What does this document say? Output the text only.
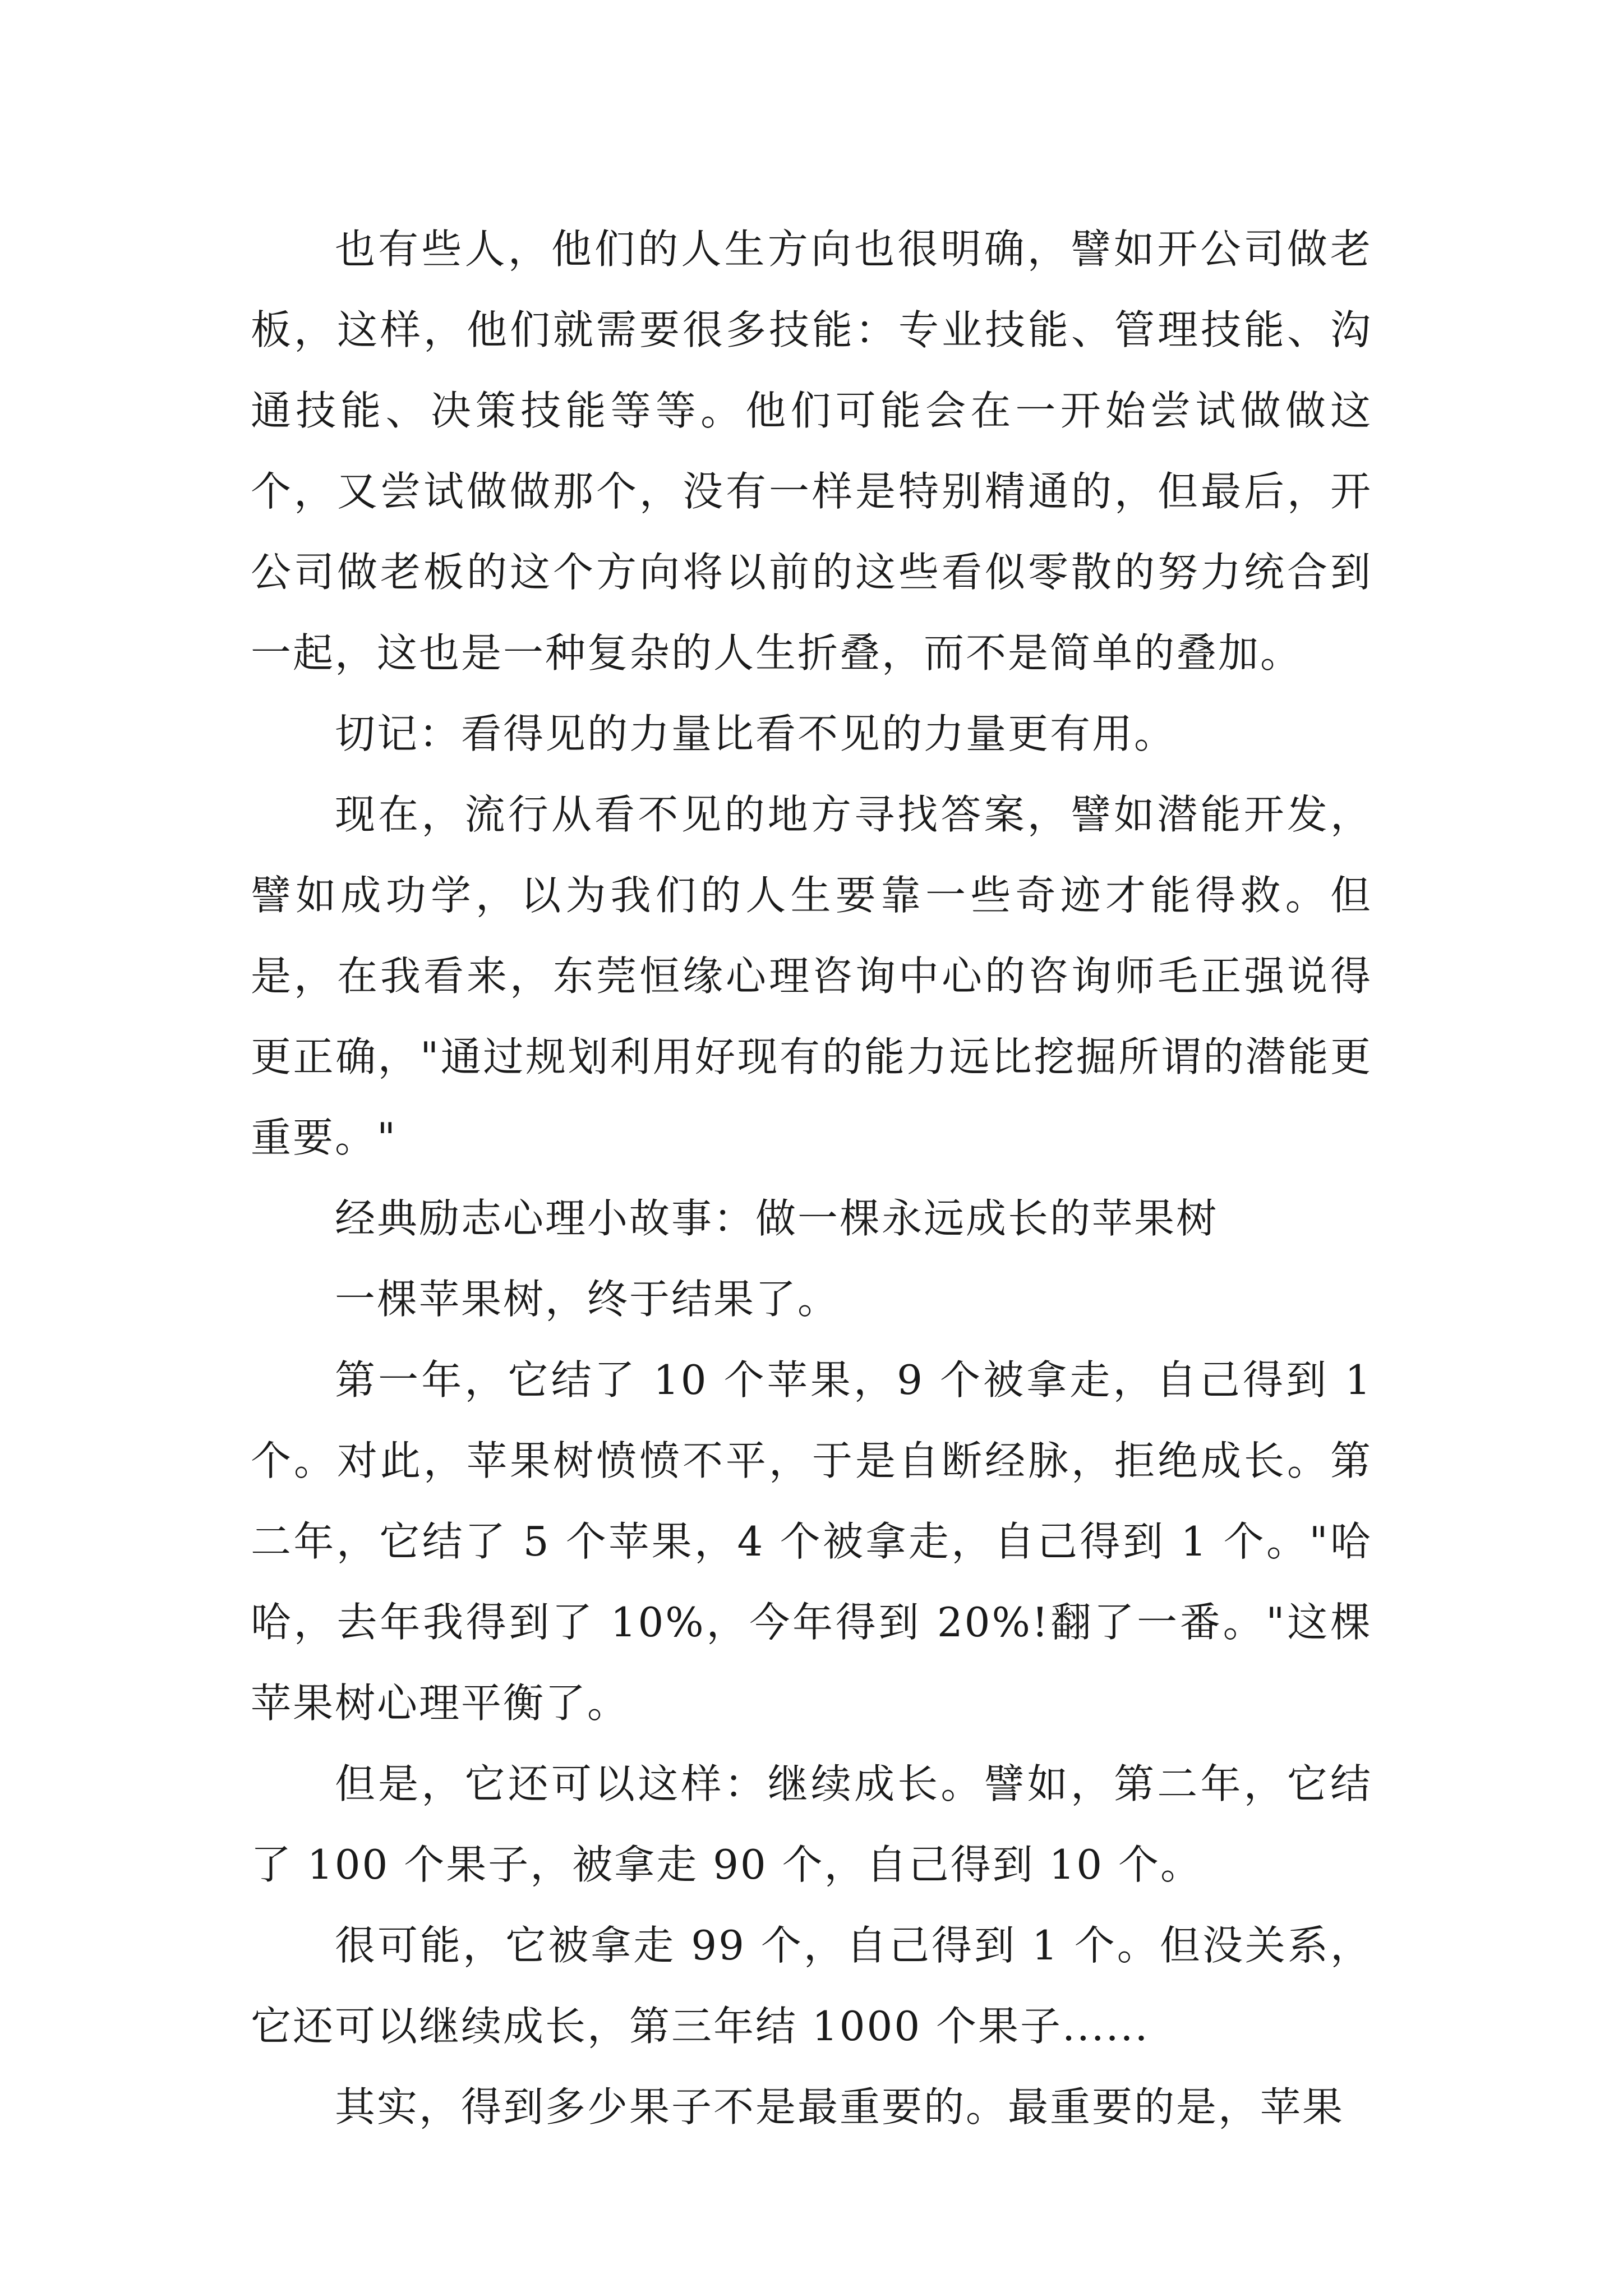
也有些人，他们的人生方向也很明确，譬如开公司做老板，这样，他们就需要很多技能：专业技能、管理技能、沟通技能、决策技能等等。他们可能会在一开始尝试做做这个，又尝试做做那个，没有一样是特别精通的，但最后，开公司做老板的这个方向将以前的这些看似零散的努力统合到一起，这也是一种复杂的人生折叠，而不是简单的叠加。

切记：看得见的力量比看不见的力量更有用。

现在，流行从看不见的地方寻找答案，譬如潜能开发，譬如成功学，以为我们的人生要靠一些奇迹才能得救。但是，在我看来，东莞恒缘心理咨询中心的咨询师毛正强说得更正确，"通过规划利用好现有的能力远比挖掘所谓的潜能更重要。"

经典励志心理小故事：做一棵永远成长的苹果树

一棵苹果树，终于结果了。

第一年，它结了 10 个苹果，9 个被拿走，自己得到 1 个。对此，苹果树愤愤不平，于是自断经脉，拒绝成长。第二年，它结了 5 个苹果，4 个被拿走，自己得到 1 个。"哈哈，去年我得到了 10%，今年得到 20%!翻了一番。"这棵苹果树心理平衡了。

但是，它还可以这样：继续成长。譬如，第二年，它结了 100 个果子，被拿走 90 个，自己得到 10 个。

很可能，它被拿走 99 个，自己得到 1 个。但没关系，它还可以继续成长，第三年结 1000 个果子......

其实，得到多少果子不是最重要的。最重要的是，苹果
